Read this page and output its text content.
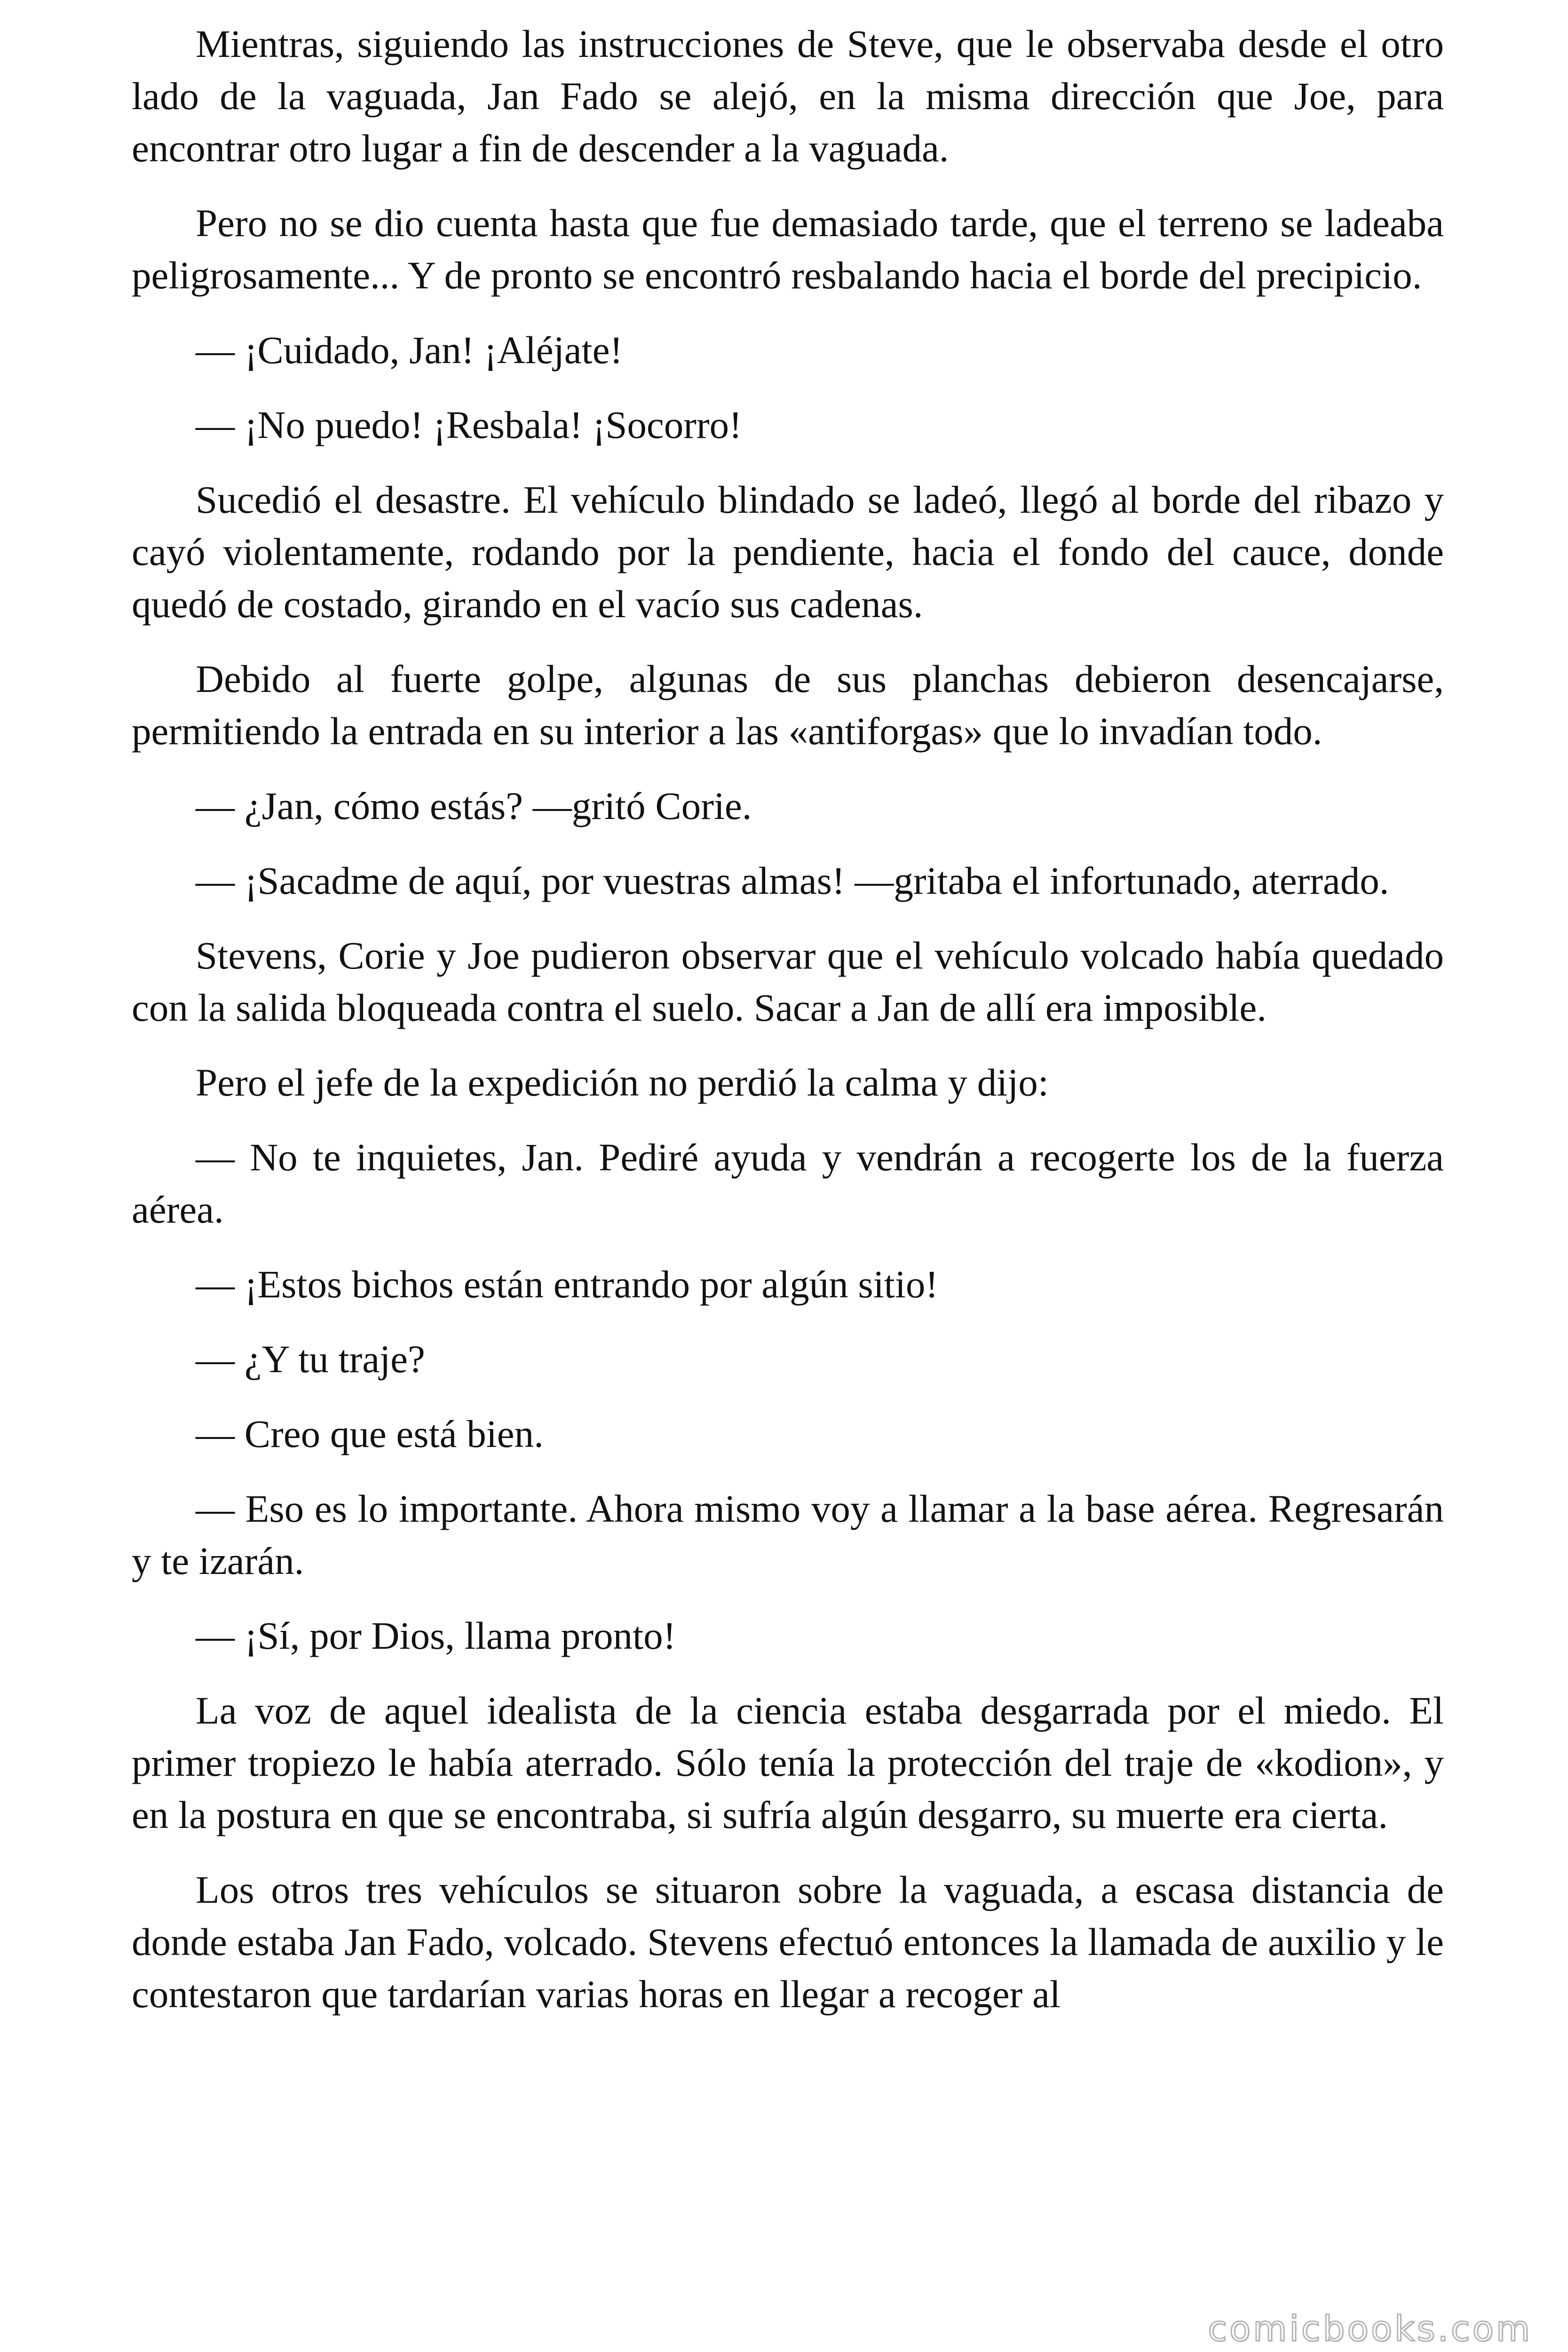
Mientras, siguiendo las instrucciones de Steve, que le observaba desde el otro lado de la vaguada, Jan Fado se alejó, en la misma dirección que Joe, para encontrar otro lugar a fin de descender a la vaguada.

Pero no se dio cuenta hasta que fue demasiado tarde, que el terreno se ladeaba peligrosamente... Y de pronto se encontró resbalando hacia el borde del precipicio.

— ¡Cuidado, Jan! ¡Aléjate!

— ¡No puedo! ¡Resbala! ¡Socorro!

Sucedió el desastre. El vehículo blindado se ladeó, llegó al borde del ribazo y cayó violentamente, rodando por la pendiente, hacia el fondo del cauce, donde quedó de costado, girando en el vacío sus cadenas.

Debido al fuerte golpe, algunas de sus planchas debieron desencajarse, permitiendo la entrada en su interior a las «antiforgas» que lo invadían todo.

— ¿Jan, cómo estás? —gritó Corie.

— ¡Sacadme de aquí, por vuestras almas! —gritaba el infortunado, aterrado.

Stevens, Corie y Joe pudieron observar que el vehículo volcado había quedado con la salida bloqueada contra el suelo. Sacar a Jan de allí era imposible.

Pero el jefe de la expedición no perdió la calma y dijo:

— No te inquietes, Jan. Pediré ayuda y vendrán a recogerte los de la fuerza aérea.

— ¡Estos bichos están entrando por algún sitio!

— ¿Y tu traje?

— Creo que está bien.

— Eso es lo importante. Ahora mismo voy a llamar a la base aérea. Regresarán y te izarán.

— ¡Sí, por Dios, llama pronto!

La voz de aquel idealista de la ciencia estaba desgarrada por el miedo. El primer tropiezo le había aterrado. Sólo tenía la protección del traje de «kodion», y en la postura en que se encontraba, si sufría algún desgarro, su muerte era cierta.

Los otros tres vehículos se situaron sobre la vaguada, a escasa distancia de donde estaba Jan Fado, volcado. Stevens efectuó entonces la llamada de auxilio y le contestaron que tardarían varias horas en llegar a recoger al

comicbooks.com
